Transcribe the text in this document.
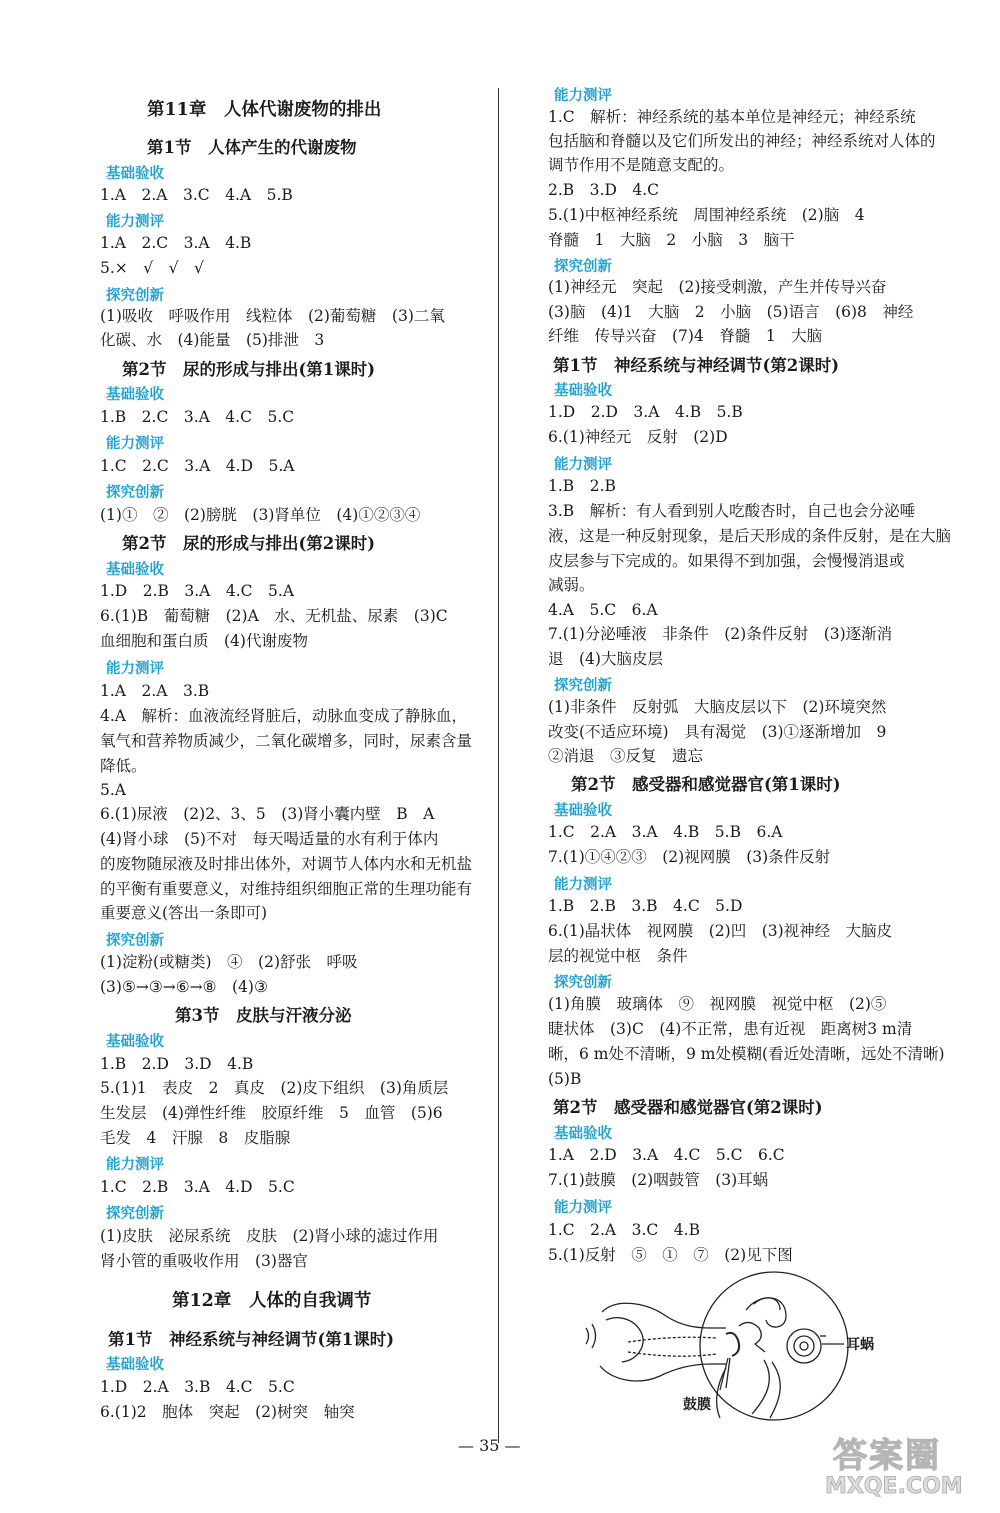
第11章　人体代谢废物的排出
第1节　人体产生的代谢废物
基础验收
1.A　2.A　3.C　4.A　5.B
能力测评
1.A　2.C　3.A　4.B
5.×　√　√　√
探究创新
(1)吸收　呼吸作用　线粒体　(2)葡萄糖　(3)二氧
化碳、水　(4)能量　(5)排泄　3
第2节　尿的形成与排出(第1课时)
基础验收
1.B　2.C　3.A　4.C　5.C
能力测评
1.C　2.C　3.A　4.D　5.A
探究创新
(1)①　②　(2)膀胱　(3)肾单位　(4)①②③④
第2节　尿的形成与排出(第2课时)
基础验收
1.D　2.B　3.A　4.C　5.A
6.(1)B　葡萄糖　(2)A　水、无机盐、尿素　(3)C
血细胞和蛋白质　(4)代谢废物
能力测评
1.A　2.A　3.B
4.A　解析：血液流经肾脏后，动脉血变成了静脉血，
氧气和营养物质减少，二氧化碳增多，同时，尿素含量
降低。
5.A
6.(1)尿液　(2)2、3、5　(3)肾小囊内壁　B　A
(4)肾小球　(5)不对　每天喝适量的水有利于体内
的废物随尿液及时排出体外，对调节人体内水和无机盐
的平衡有重要意义，对维持组织细胞正常的生理功能有
重要意义(答出一条即可)
探究创新
(1)淀粉(或糖类)　④　(2)舒张　呼吸
(3)⑤→③→⑥→⑧　(4)③
第3节　皮肤与汗液分泌
基础验收
1.B　2.D　3.D　4.B
5.(1)1　表皮　2　真皮　(2)皮下组织　(3)角质层
生发层　(4)弹性纤维　胶原纤维　5　血管　(5)6
毛发　4　汗腺　8　皮脂腺
能力测评
1.C　2.B　3.A　4.D　5.C
探究创新
(1)皮肤　泌尿系统　皮肤　(2)肾小球的滤过作用
肾小管的重吸收作用　(3)器官
第12章　人体的自我调节
第1节　神经系统与神经调节(第1课时)
基础验收
1.D　2.A　3.B　4.C　5.C
6.(1)2　胞体　突起　(2)树突　轴突
能力测评
1.C　解析：神经系统的基本单位是神经元；神经系统
包括脑和脊髓以及它们所发出的神经；神经系统对人体的
调节作用不是随意支配的。
2.B　3.D　4.C
5.(1)中枢神经系统　周围神经系统　(2)脑　4
脊髓　1　大脑　2　小脑　3　脑干
探究创新
(1)神经元　突起　(2)接受刺激，产生并传导兴奋
(3)脑　(4)1　大脑　2　小脑　(5)语言　(6)8　神经
纤维　传导兴奋　(7)4　脊髓　1　大脑
第1节　神经系统与神经调节(第2课时)
基础验收
1.D　2.D　3.A　4.B　5.B
6.(1)神经元　反射　(2)D
能力测评
1.B　2.B
3.B　解析：有人看到别人吃酸杏时，自己也会分泌唾
液，这是一种反射现象，是后天形成的条件反射，是在大脑
皮层参与下完成的。如果得不到加强，会慢慢消退或
减弱。
4.A　5.C　6.A
7.(1)分泌唾液　非条件　(2)条件反射　(3)逐渐消
退　(4)大脑皮层
探究创新
(1)非条件　反射弧　大脑皮层以下　(2)环境突然
改变(不适应环境)　具有渴觉　(3)①逐渐增加　9
②消退　③反复　遗忘
第2节　感受器和感觉器官(第1课时)
基础验收
1.C　2.A　3.A　4.B　5.B　6.A
7.(1)①④②③　(2)视网膜　(3)条件反射
能力测评
1.B　2.B　3.B　4.C　5.D
6.(1)晶状体　视网膜　(2)凹　(3)视神经　大脑皮
层的视觉中枢　条件
探究创新
(1)角膜　玻璃体　⑨　视网膜　视觉中枢　(2)⑤
睫状体　(3)C　(4)不正常，患有近视　距离树3 m清
晰，6 m处不清晰，9 m处模糊(看近处清晰，远处不清晰)
(5)B
第2节　感受器和感觉器官(第2课时)
基础验收
1.A　2.D　3.A　4.C　5.C　6.C
7.(1)鼓膜　(2)咽鼓管　(3)耳蜗
能力测评
1.C　2.A　3.C　4.B
5.(1)反射　⑤　①　⑦　(2)见下图
耳蜗
鼓膜
— 35 —	答案圈
MXQE.COM
